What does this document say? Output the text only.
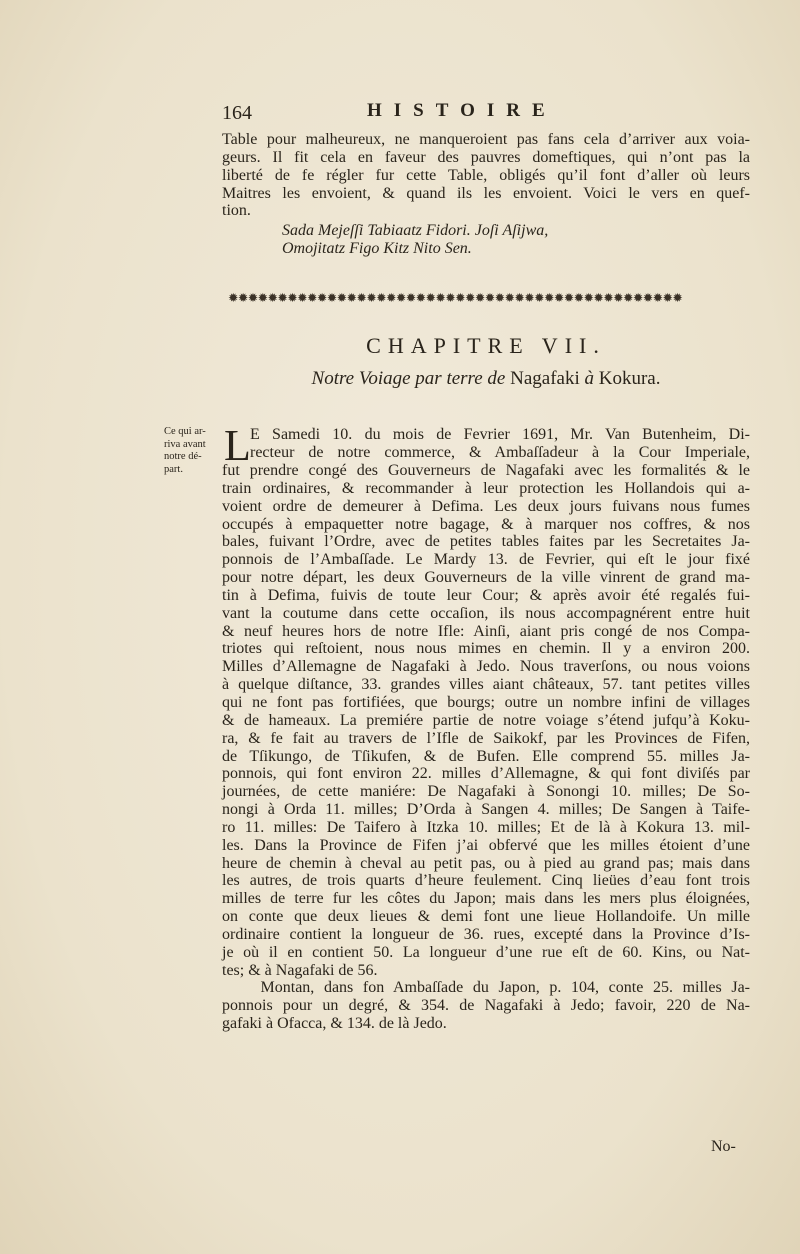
164	HISTOIRE
Table pour malheureux, ne manqueroient pas fans cela d’arriver aux voia-
geurs. Il fit cela en faveur des pauvres domeftiques, qui n’ont pas la
liberté de fe régler fur cette Table, obligés qu’il font d’aller où leurs
Maitres les envoient, & quand ils les envoient. Voici le vers en quef-
tion.
Sada Mejeſſi Tabiaatz Fidori. Joſi Aſijwa,
Omojitatz Figo Kitz Nito Sen.
✹✹✹✹✹✹✹✹✹✹✹✹✹✹✹✹✹✹✹✹✹✹✹✹✹✹✹✹✹✹✹✹✹✹✹✹✹✹✹✹✹✹✹✹✹✹
CHAPITRE VII.
Notre Voiage par terre de Nagafaki à Kokura.
Ce qui ar- riva avant notre dé- part. L E Samedi 10. du mois de Fevrier 1691, Mr. Van Butenheim, Di-
recteur de notre commerce, & Ambaſſadeur à la Cour Imperiale,
fut prendre congé des Gouverneurs de Nagafaki avec les formalités & le
train ordinaires, & recommander à leur protection les Hollandois qui a-
voient ordre de demeurer à Defima. Les deux jours fuivans nous fumes
occupés à empaquetter notre bagage, & à marquer nos coffres, & nos
bales, fuivant l’Ordre, avec de petites tables faites par les Secretaites Ja-
ponnois de l’Ambaſſade. Le Mardy 13. de Fevrier, qui eſt le jour fixé
pour notre départ, les deux Gouverneurs de la ville vinrent de grand ma-
tin à Defima, fuivis de toute leur Cour; & après avoir été regalés fui-
vant la coutume dans cette occaſion, ils nous accompagnérent entre huit
& neuf heures hors de notre Ifle: Ainſi, aiant pris congé de nos Compa-
triotes qui reſtoient, nous nous mimes en chemin. Il y a environ 200.
Milles d’Allemagne de Nagafaki à Jedo. Nous traverſons, ou nous voions
à quelque diſtance, 33. grandes villes aiant châteaux, 57. tant petites villes
qui ne font pas fortifiées, que bourgs; outre un nombre infini de villages
& de hameaux. La premiére partie de notre voiage s’étend jufqu’à Koku-
ra, & fe fait au travers de l’Ifle de Saikokf, par les Provinces de Fifen,
de Tſikungo, de Tſikufen, & de Bufen. Elle comprend 55. milles Ja-
ponnois, qui font environ 22. milles d’Allemagne, & qui font diviſés par
journées, de cette maniére: De Nagafaki à Sonongi 10. milles; De So-
nongi à Orda 11. milles; D’Orda à Sangen 4. milles; De Sangen à Taife-
ro 11. milles: De Taifero à Itzka 10. milles; Et de là à Kokura 13. mil-
les. Dans la Province de Fifen j’ai obfervé que les milles étoient d’une
heure de chemin à cheval au petit pas, ou à pied au grand pas; mais dans
les autres, de trois quarts d’heure feulement. Cinq lieües d’eau font trois
milles de terre fur les côtes du Japon; mais dans les mers plus éloignées,
on conte que deux lieues & demi font une lieue Hollandoife. Un mille
ordinaire contient la longueur de 36. rues, excepté dans la Province d’Is-
je où il en contient 50. La longueur d’une rue eſt de 60. Kins, ou Nat-
tes; & à Nagafaki de 56.
Montan, dans fon Ambaſſade du Japon, p. 104, conte 25. milles Ja-
ponnois pour un degré, & 354. de Nagafaki à Jedo; favoir, 220 de Na-
gafaki à Ofacca, & 134. de là Jedo.
No-
